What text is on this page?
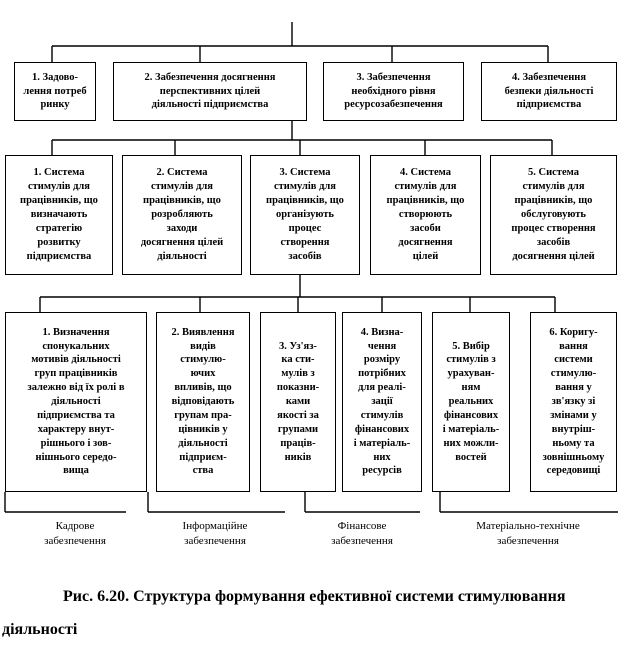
1. Задово-
лення потреб
ринку
2. Забезпечення досягнення
перспективних цілей
діяльності підприємства
3. Забезпечення
необхідного рівня
ресурсозабезпечення
4. Забезпечення
безпеки діяльності
підприємства
1. Система
стимулів для
працівників, що
визначають
стратегію
розвитку
підприємства
2. Система
стимулів для
працівників, що
розробляють
заходи
досягнення цілей
діяльності
3. Система
стимулів для
працівників, що
організують
процес
створення
засобів
4. Система
стимулів для
працівників, що
створюють
засоби
досягнення
цілей
5. Система
стимулів для
працівників, що
обслуговують
процес створення
засобів
досягнення цілей
1. Визначення
спонукальних
мотивів діяльності
груп працівників
залежно від їх ролі в
діяльності
підприємства та
характеру внут-
рішнього і зов-
нішнього середо-
вища
2. Виявлення
видів
стимулю-
ючих
впливів, що
відповідають
групам пра-
цівників у
діяльності
підприєм-
ства
3. Уз'яз-
ка сти-
мулів з
показни-
ками
якості за
групами
праців-
ників
4. Визна-
чення
розміру
потрібних
для реалі-
зації
стимулів
фінансових
і матеріаль-
них
ресурсів
5. Вибір
стимулів з
урахуван-
ням
реальних
фінансових
і матеріаль-
них можли-
востей
6. Коригу-
вання
системи
стимулю-
вання у
зв'язку зі
змінами у
внутріш-
ньому та
зовнішньому
середовищі
Кадрове
забезпечення
Інформаційне
забезпечення
Фінансове
забезпечення
Матеріально-технічне
забезпечення
Рис. 6.20. Структура формування ефективної системи стимулювання
діяльності
